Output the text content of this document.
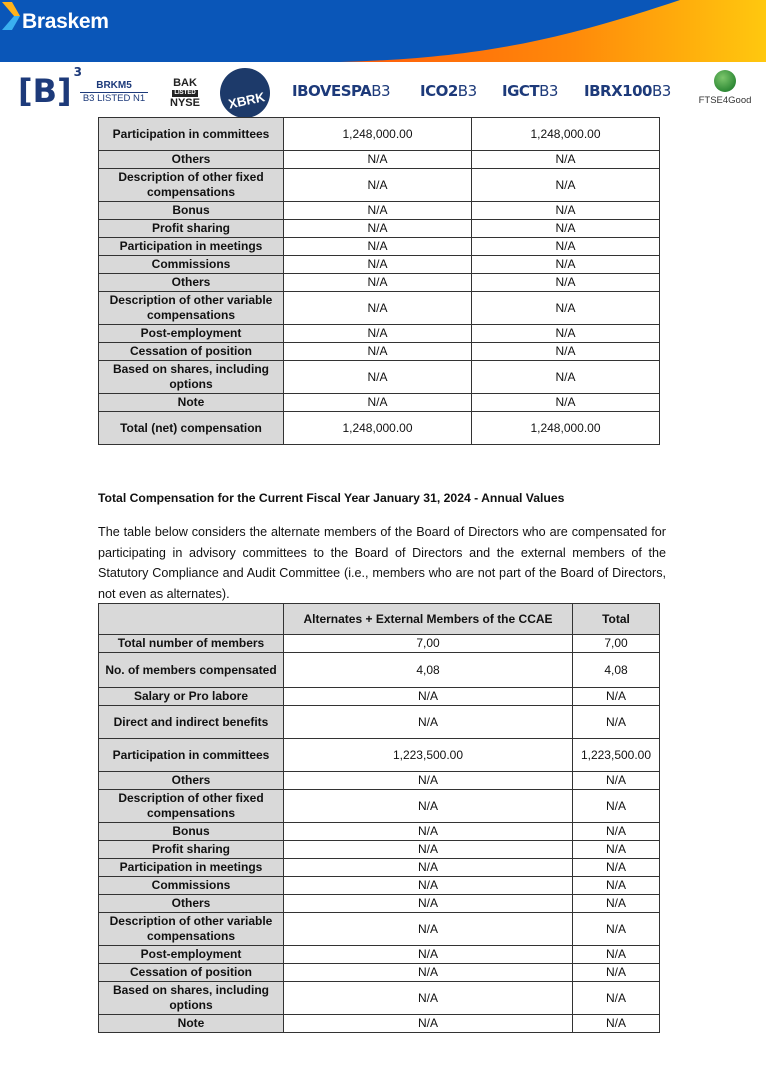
Braskem
[B] $^3$
BRKM5
B3 LISTED N1
BAK
LISTED
NYSE XBRK IBOVESPAB3 ICO2B3 IGCTB3 IBRX100B3
FTSE4Good
Participation in committees	1,248,000.00	1,248,000.00
Others	N/A	N/A
Description of other fixed compensations	N/A	N/A
Bonus	N/A	N/A
Profit sharing	N/A	N/A
Participation in meetings	N/A	N/A
Commissions	N/A	N/A
Others	N/A	N/A
Description of other variable compensations	N/A	N/A
Post-employment	N/A	N/A
Cessation of position	N/A	N/A
Based on shares, including options	N/A	N/A
Note	N/A	N/A
Total (net) compensation	1,248,000.00	1,248,000.00
Total Compensation for the Current Fiscal Year January 31, 2024 - Annual Values
The table below considers the alternate members of the Board of Directors who are compensated for participating in advisory committees to the Board of Directors and the external members of the Statutory Compliance and Audit Committee (i.e., members who are not part of the Board of Directors, not even as alternates).
	Alternates + External Members of the CCAE	Total
Total number of members	7,00	7,00
No. of members compensated	4,08	4,08
Salary or Pro labore	N/A	N/A
Direct and indirect benefits	N/A	N/A
Participation in committees	1,223,500.00	1,223,500.00
Others	N/A	N/A
Description of other fixed compensations	N/A	N/A
Bonus	N/A	N/A
Profit sharing	N/A	N/A
Participation in meetings	N/A	N/A
Commissions	N/A	N/A
Others	N/A	N/A
Description of other variable compensations	N/A	N/A
Post-employment	N/A	N/A
Cessation of position	N/A	N/A
Based on shares, including options	N/A	N/A
Note	N/A	N/A
